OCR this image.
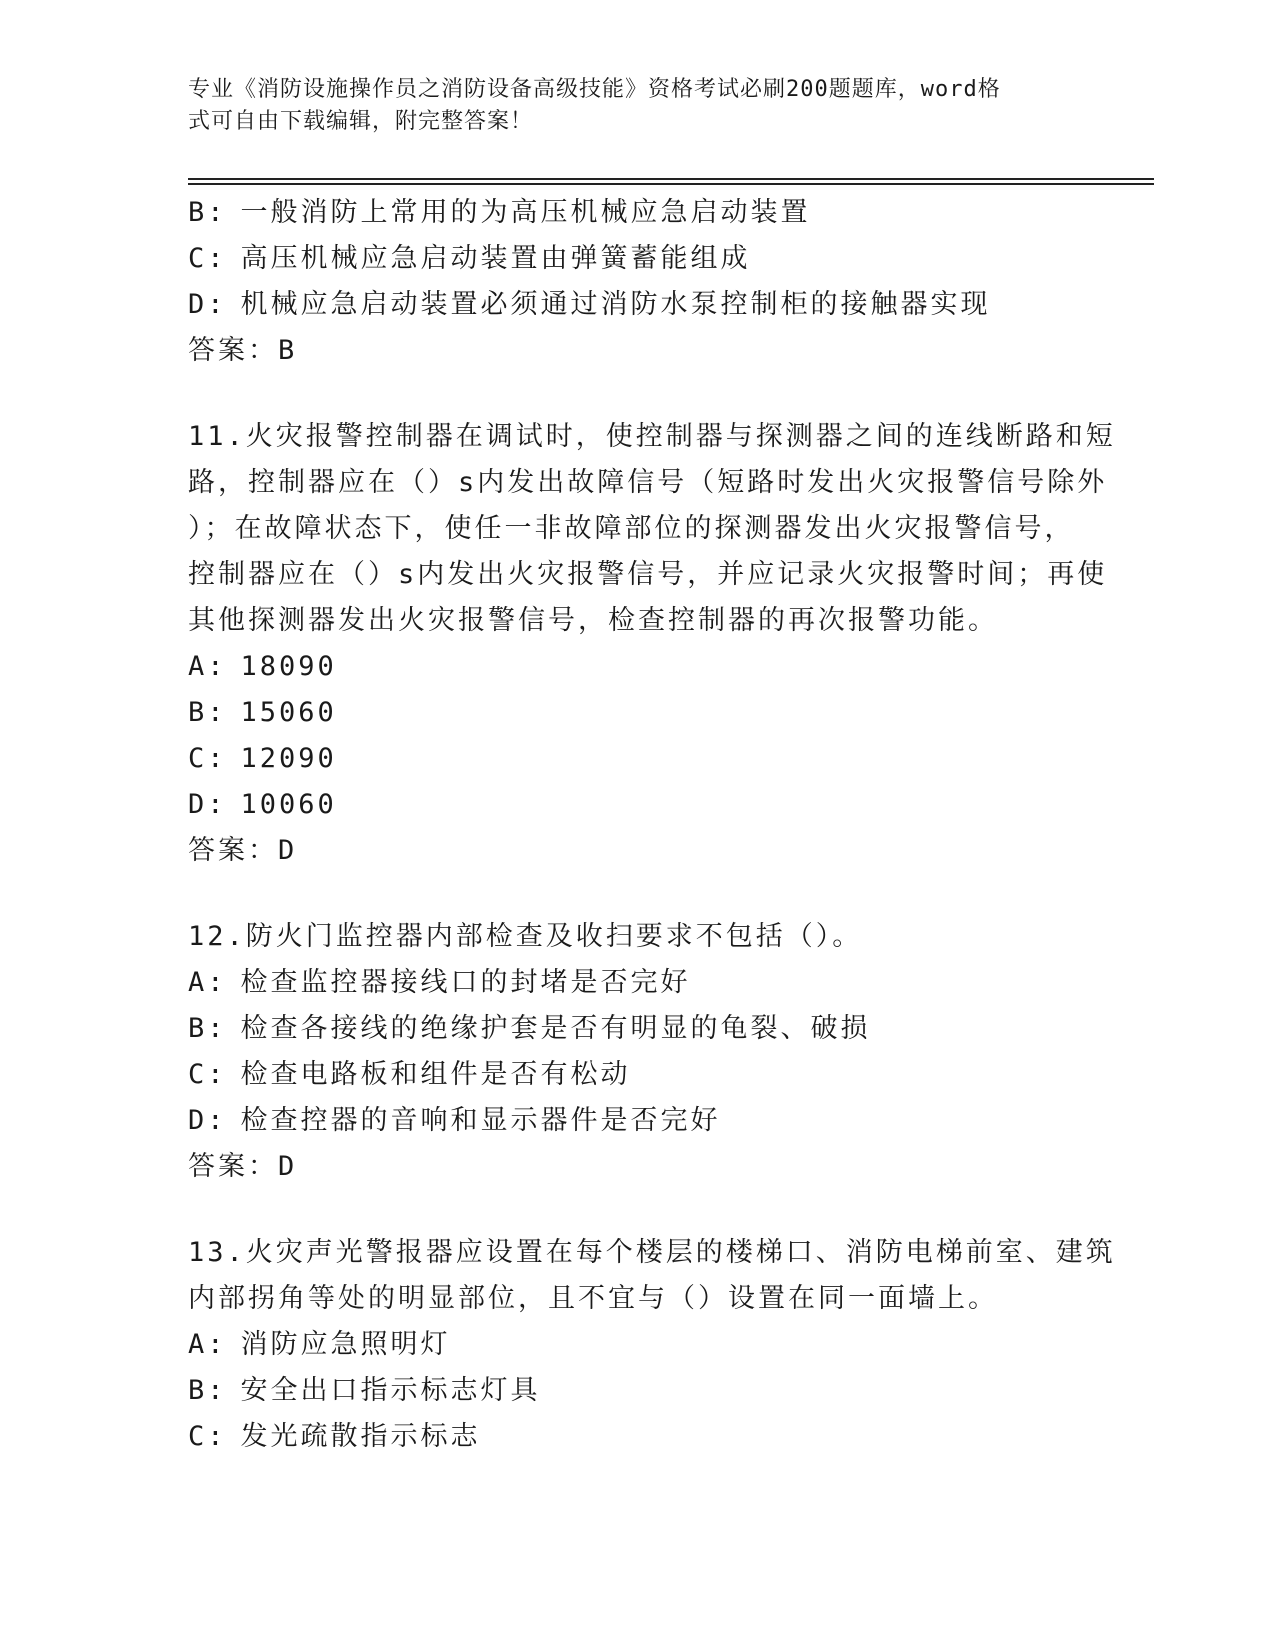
专业《消防设施操作员之消防设备高级技能》资格考试必刷200题题库，word格
式可自由下载编辑，附完整答案！
B: 一般消防上常用的为高压机械应急启动装置
C: 高压机械应急启动装置由弹簧蓄能组成
D: 机械应急启动装置必须通过消防水泵控制柜的接触器实现
答案：B
11.火灾报警控制器在调试时，使控制器与探测器之间的连线断路和短
路，控制器应在（）s内发出故障信号（短路时发出火灾报警信号除外
）；在故障状态下，使任一非故障部位的探测器发出火灾报警信号，
控制器应在（）s内发出火灾报警信号，并应记录火灾报警时间；再使
其他探测器发出火灾报警信号，检查控制器的再次报警功能。
A: 18090
B: 15060
C: 12090
D: 10060
答案：D
12.防火门监控器内部检查及收扫要求不包括（）。
A: 检查监控器接线口的封堵是否完好
B: 检查各接线的绝缘护套是否有明显的龟裂、破损
C: 检查电路板和组件是否有松动
D: 检查控器的音响和显示器件是否完好
答案：D
13.火灾声光警报器应设置在每个楼层的楼梯口、消防电梯前室、建筑
内部拐角等处的明显部位，且不宜与（）设置在同一面墙上。
A: 消防应急照明灯
B: 安全出口指示标志灯具
C: 发光疏散指示标志
